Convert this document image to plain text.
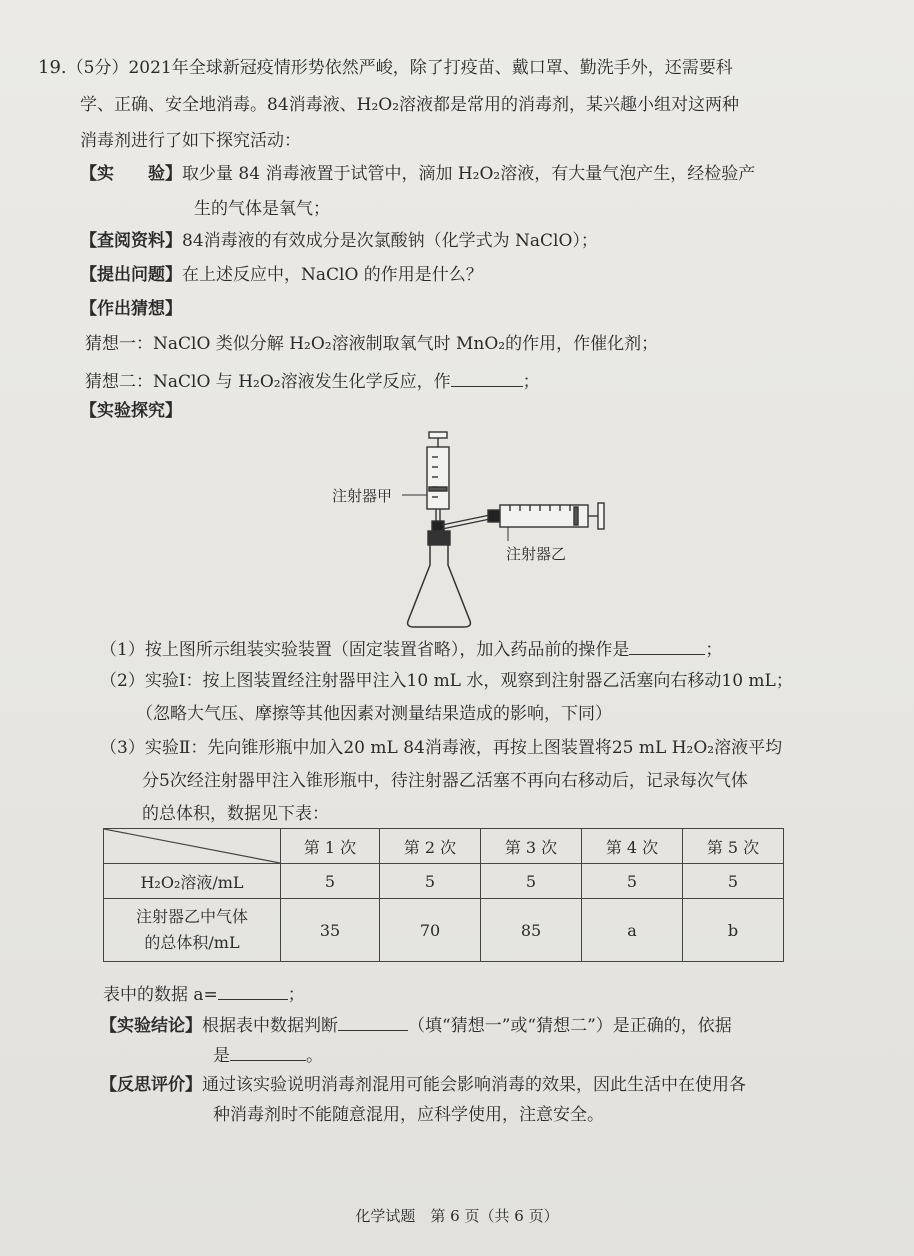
19.（5分）2021年全球新冠疫情形势依然严峻，除了打疫苗、戴口罩、勤洗手外，还需要科
学、正确、安全地消毒。84消毒液、H₂O₂溶液都是常用的消毒剂，某兴趣小组对这两种
消毒剂进行了如下探究活动：
【实　　验】取少量 84 消毒液置于试管中，滴加 H₂O₂溶液，有大量气泡产生，经检验产
生的气体是氧气；
【查阅资料】84消毒液的有效成分是次氯酸钠（化学式为 NaClO）；
【提出问题】在上述反应中，NaClO 的作用是什么？
【作出猜想】
猜想一：NaClO 类似分解 H₂O₂溶液制取氧气时 MnO₂的作用，作催化剂；
猜想二：NaClO 与 H₂O₂溶液发生化学反应，作	；
【实验探究】
注射器甲
注射器乙
（1）按上图所示组装实验装置（固定装置省略），加入药品前的操作是	；
（2）实验Ⅰ：按上图装置经注射器甲注入10 mL 水，观察到注射器乙活塞向右移动10 mL；
（忽略大气压、摩擦等其他因素对测量结果造成的影响，下同）
（3）实验Ⅱ：先向锥形瓶中加入20 mL 84消毒液，再按上图装置将25 mL H₂O₂溶液平均
分5次经注射器甲注入锥形瓶中，待注射器乙活塞不再向右移动后，记录每次气体
的总体积，数据见下表：
	第 1 次	第 2 次	第 3 次	第 4 次	第 5 次
H₂O₂溶液/mL	5	5	5	5	5

注射器乙中气体
的总体积/mL	35	70	85	a	b
表中的数据 a=	；
【实验结论】根据表中数据判断	（填“猜想一”或“猜想二”）是正确的，依据
是	。
【反思评价】通过该实验说明消毒剂混用可能会影响消毒的效果，因此生活中在使用各
种消毒剂时不能随意混用，应科学使用，注意安全。
化学试题　第 6 页（共 6 页）
